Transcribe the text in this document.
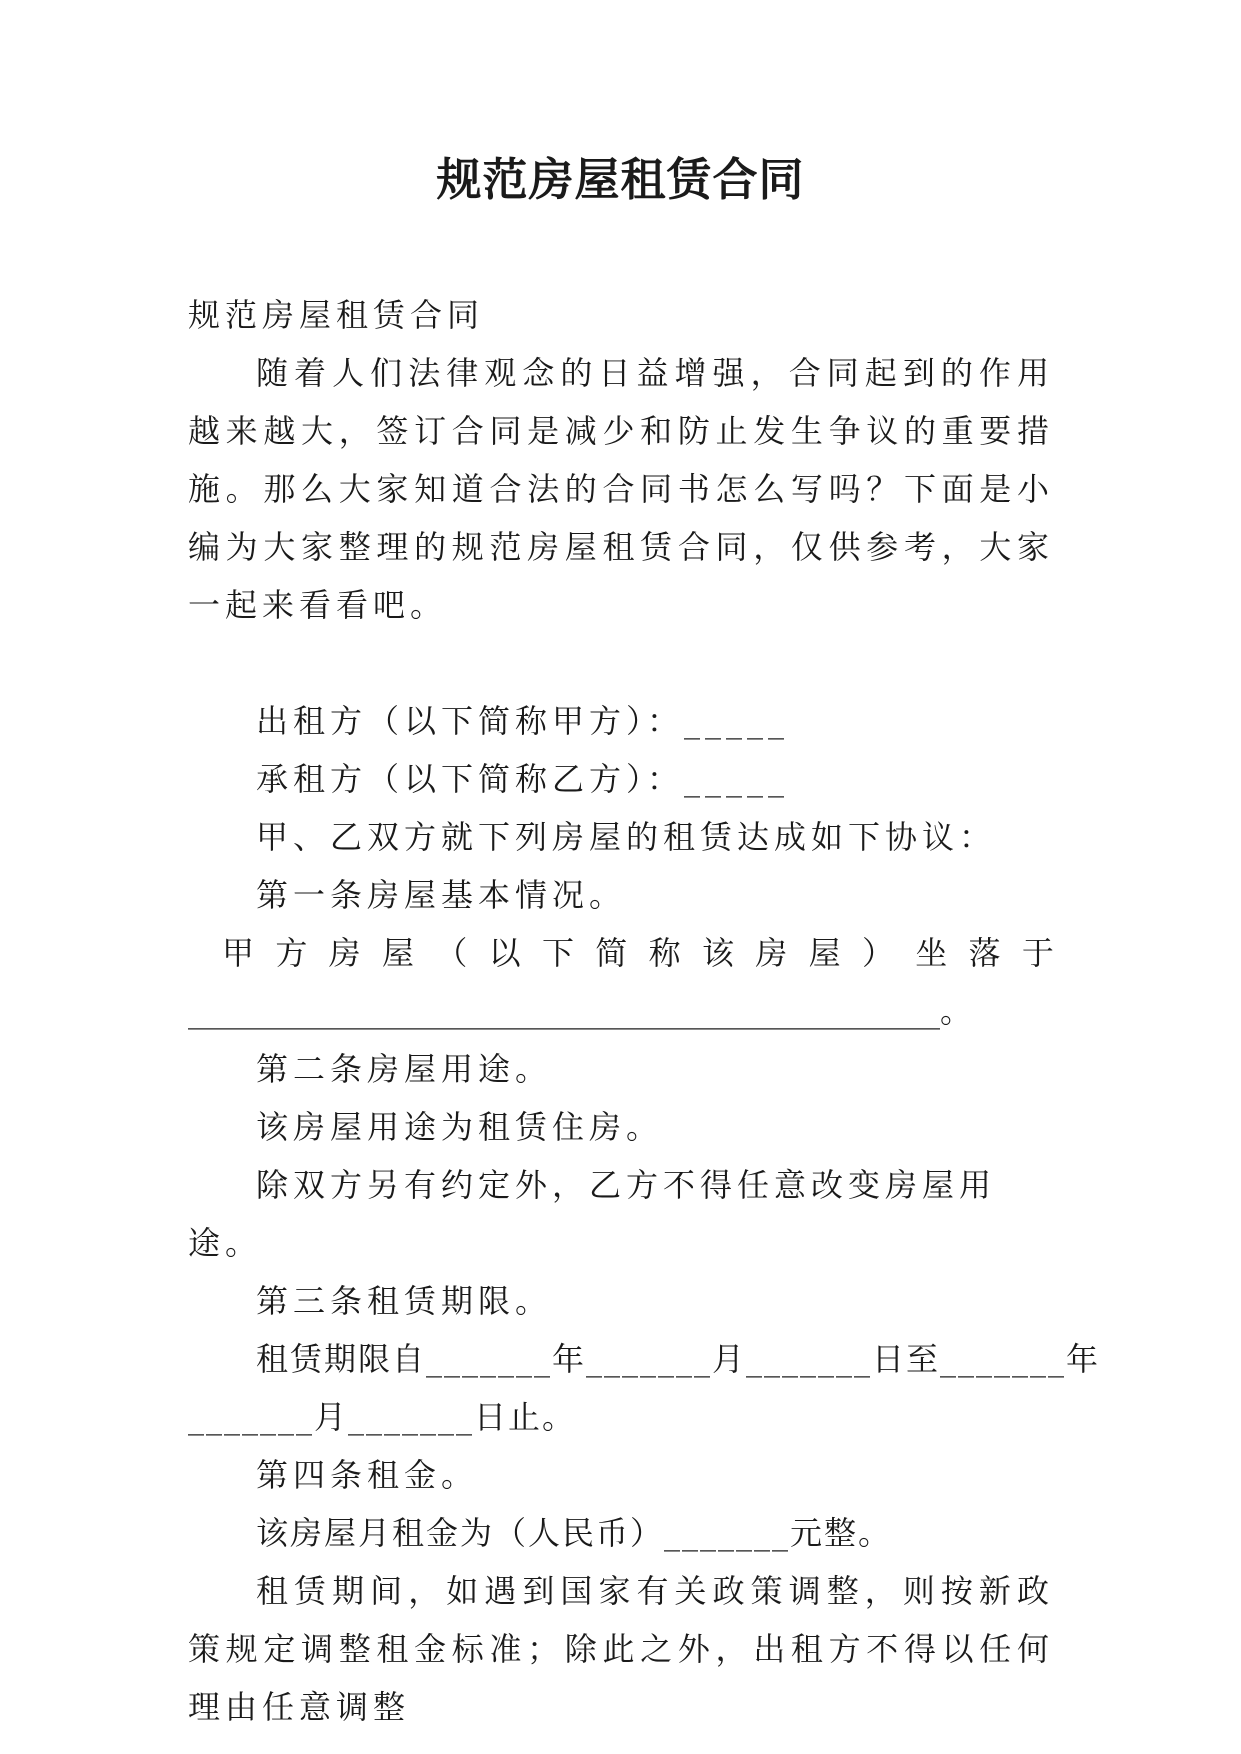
规范房屋租赁合同

规范房屋租赁合同

随着人们法律观念的日益增强，合同起到的作用越来越大，签订合同是减少和防止发生争议的重要措施。那么大家知道合法的合同书怎么写吗？下面是小编为大家整理的规范房屋租赁合同，仅供参考，大家一起来看看吧。

出租方（以下简称甲方）：_____

承租方（以下简称乙方）：_____

甲、乙双方就下列房屋的租赁达成如下协议：

第一条房屋基本情况。

甲 方 房 屋 （ 以 下 简 称 该 房 屋 ） 坐 落 于

_______________________________________________。

第二条房屋用途。

该房屋用途为租赁住房。

除双方另有约定外，乙方不得任意改变房屋用途。

第三条租赁期限。

租赁期限自_______年_______月_______日至_______年

_______月_______日止。

第四条租金。

该房屋月租金为（人民币）_______元整。

租赁期间，如遇到国家有关政策调整，则按新政策规定调整租金标准；除此之外，出租方不得以任何理由任意调整
